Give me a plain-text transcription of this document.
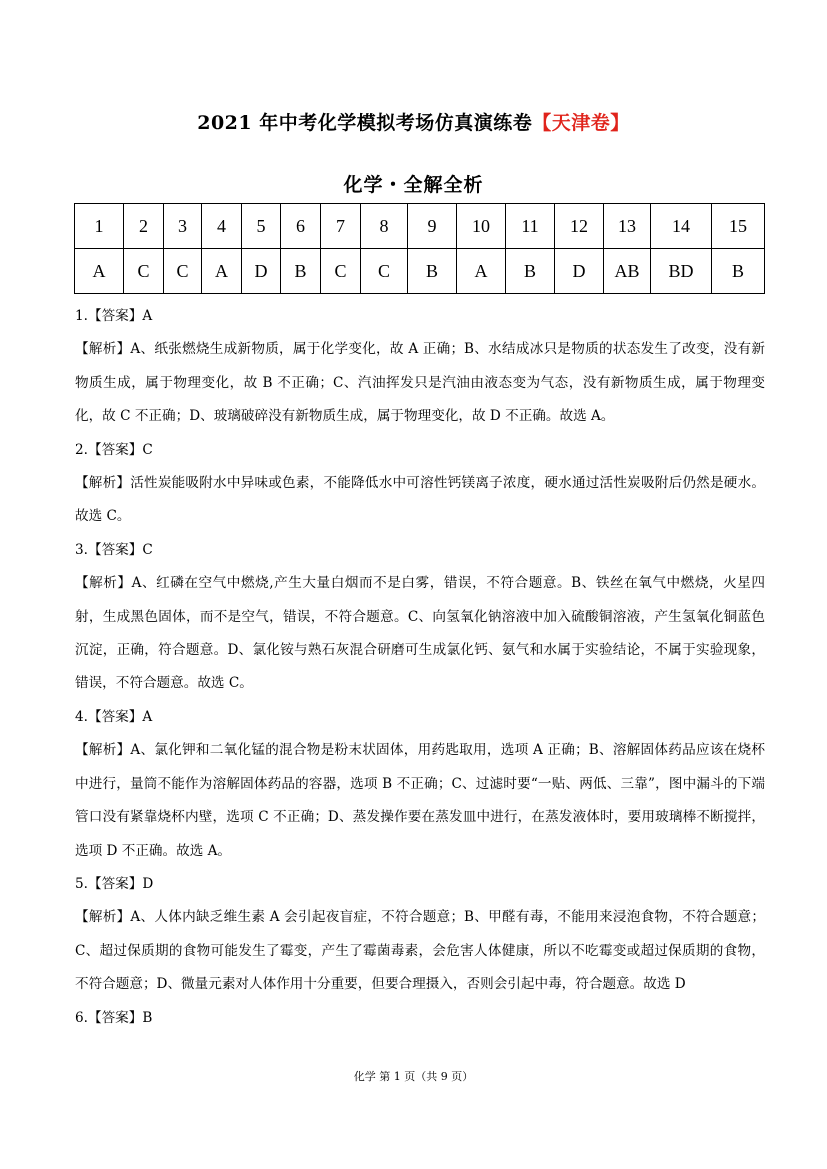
2021 年中考化学模拟考场仿真演练卷【天津卷】
化学・全解全析
1	2	3	4	5	6	7	8	9	10	11	12	13	14	15
A	C	C	A	D	B	C	C	B	A	B	D	AB	BD	B

1.【答案】A

【解析】A、纸张燃烧生成新物质，属于化学变化，故 A 正确；B、水结成冰只是物质的状态发生了改变，没有新物质生成，属于物理变化，故 B 不正确；C、汽油挥发只是汽油由液态变为气态，没有新物质生成，属于物理变化，故 C 不正确；D、玻璃破碎没有新物质生成，属于物理变化，故 D 不正确。故选 A。

2.【答案】C

【解析】活性炭能吸附水中异味或色素，不能降低水中可溶性钙镁离子浓度，硬水通过活性炭吸附后仍然是硬水。故选 C。

3.【答案】C

【解析】A、红磷在空气中燃烧,产生大量白烟而不是白雾，错误，不符合题意。B、铁丝在氧气中燃烧，火星四射，生成黑色固体，而不是空气，错误，不符合题意。C、向氢氧化钠溶液中加入硫酸铜溶液，产生氢氧化铜蓝色沉淀，正确，符合题意。D、氯化铵与熟石灰混合研磨可生成氯化钙、氨气和水属于实验结论，不属于实验现象，错误，不符合题意。故选 C。

4.【答案】A

【解析】A、氯化钾和二氧化锰的混合物是粉末状固体，用药匙取用，选项 A 正确；B、溶解固体药品应该在烧杯中进行，量筒不能作为溶解固体药品的容器，选项 B 不正确；C、过滤时要“一贴、两低、三靠”，图中漏斗的下端管口没有紧靠烧杯内壁，选项 C 不正确；D、蒸发操作要在蒸发皿中进行，在蒸发液体时，要用玻璃棒不断搅拌，选项 D 不正确。故选 A。

5.【答案】D

【解析】A、人体内缺乏维生素 A 会引起夜盲症，不符合题意；B、甲醛有毒，不能用来浸泡食物，不符合题意；C、超过保质期的食物可能发生了霉变，产生了霉菌毒素，会危害人体健康，所以不吃霉变或超过保质期的食物，不符合题意；D、微量元素对人体作用十分重要，但要合理摄入，否则会引起中毒，符合题意。故选 D

6.【答案】B

化学 第 1 页（共 9 页）
